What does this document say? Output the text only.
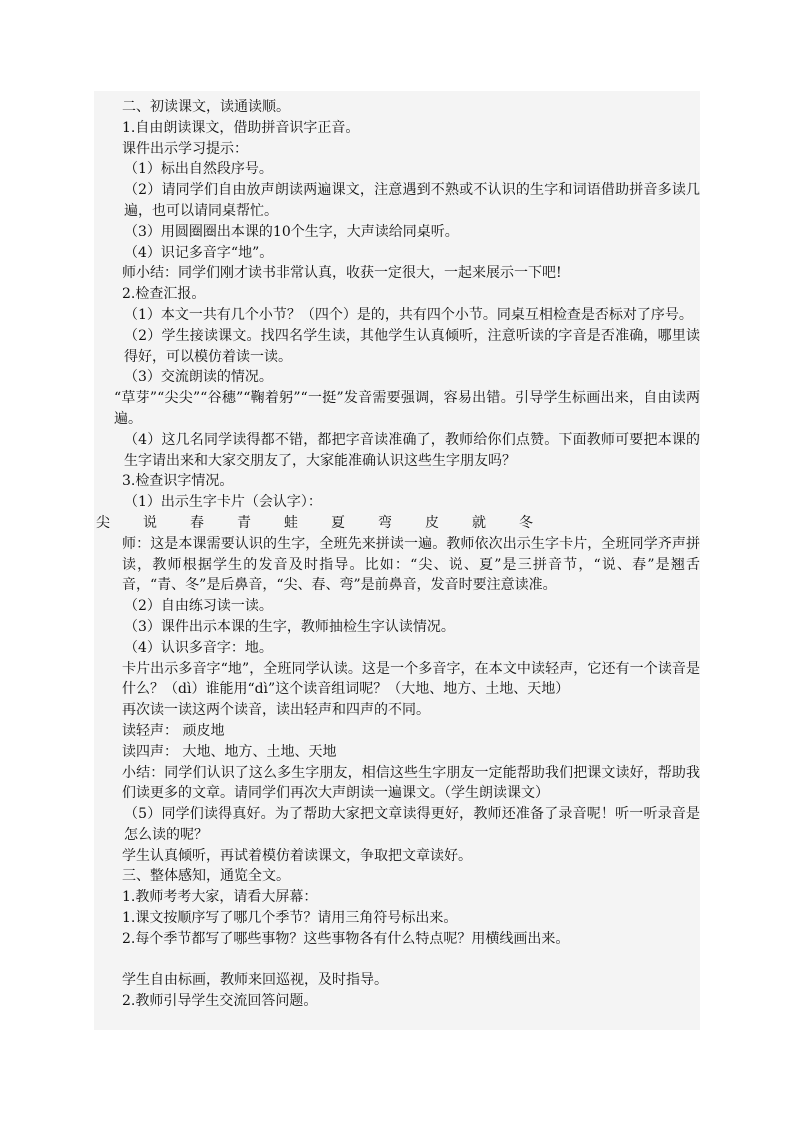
二、初读课文，读通读顺。

1.自由朗读课文，借助拼音识字正音。

课件出示学习提示：

（1）标出自然段序号。

（2）请同学们自由放声朗读两遍课文，注意遇到不熟或不认识的生字和词语借助拼音多读几遍，也可以请同桌帮忙。

（3）用圆圈圈出本课的10个生字，大声读给同桌听。

（4）识记多音字“地”。

师小结：同学们刚才读书非常认真，收获一定很大，一起来展示一下吧!

2.检查汇报。

（1）本文一共有几个小节？（四个）是的，共有四个小节。同桌互相检查是否标对了序号。

（2）学生接读课文。找四名学生读，其他学生认真倾听，注意听读的字音是否准确，哪里读得好，可以模仿着读一读。

（3）交流朗读的情况。

“草芽”“尖尖”“谷穗”“鞠着躬”“一挺”发音需要强调，容易出错。引导学生标画出来，自由读两遍。

（4）这几名同学读得都不错，都把字音读准确了，教师给你们点赞。下面教师可要把本课的生字请出来和大家交朋友了，大家能准确认识这些生字朋友吗？

3.检查识字情况。

（1）出示生字卡片（会认字）：

尖	说	春	青	蛙	夏	弯	皮	就	冬

师：这是本课需要认识的生字，全班先来拼读一遍。教师依次出示生字卡片，全班同学齐声拼读，教师根据学生的发音及时指导。比如：“尖、说、夏”是三拼音节，“说、春”是翘舌音，“青、冬”是后鼻音，“尖、春、弯”是前鼻音，发音时要注意读准。

（2）自由练习读一读。

（3）课件出示本课的生字，教师抽检生字认读情况。

（4）认识多音字：地。

卡片出示多音字“地”，全班同学认读。这是一个多音字，在本文中读轻声，它还有一个读音是什么？（dì）谁能用“dì”这个读音组词呢？（大地、地方、土地、天地）

再次读一读这两个读音，读出轻声和四声的不同。

读轻声： 顽皮地

读四声： 大地、地方、土地、天地

小结：同学们认识了这么多生字朋友，相信这些生字朋友一定能帮助我们把课文读好，帮助我们读更多的文章。请同学们再次大声朗读一遍课文。（学生朗读课文）

（5）同学们读得真好。为了帮助大家把文章读得更好，教师还准备了录音呢！听一听录音是怎么读的呢？

学生认真倾听，再试着模仿着读课文，争取把文章读好。

三、整体感知，通览全文。

1.教师考考大家，请看大屏幕：

1.课文按顺序写了哪几个季节？请用三角符号标出来。

2.每个季节都写了哪些事物？这些事物各有什么特点呢？用横线画出来。

学生自由标画，教师来回巡视，及时指导。

2.教师引导学生交流回答问题。
